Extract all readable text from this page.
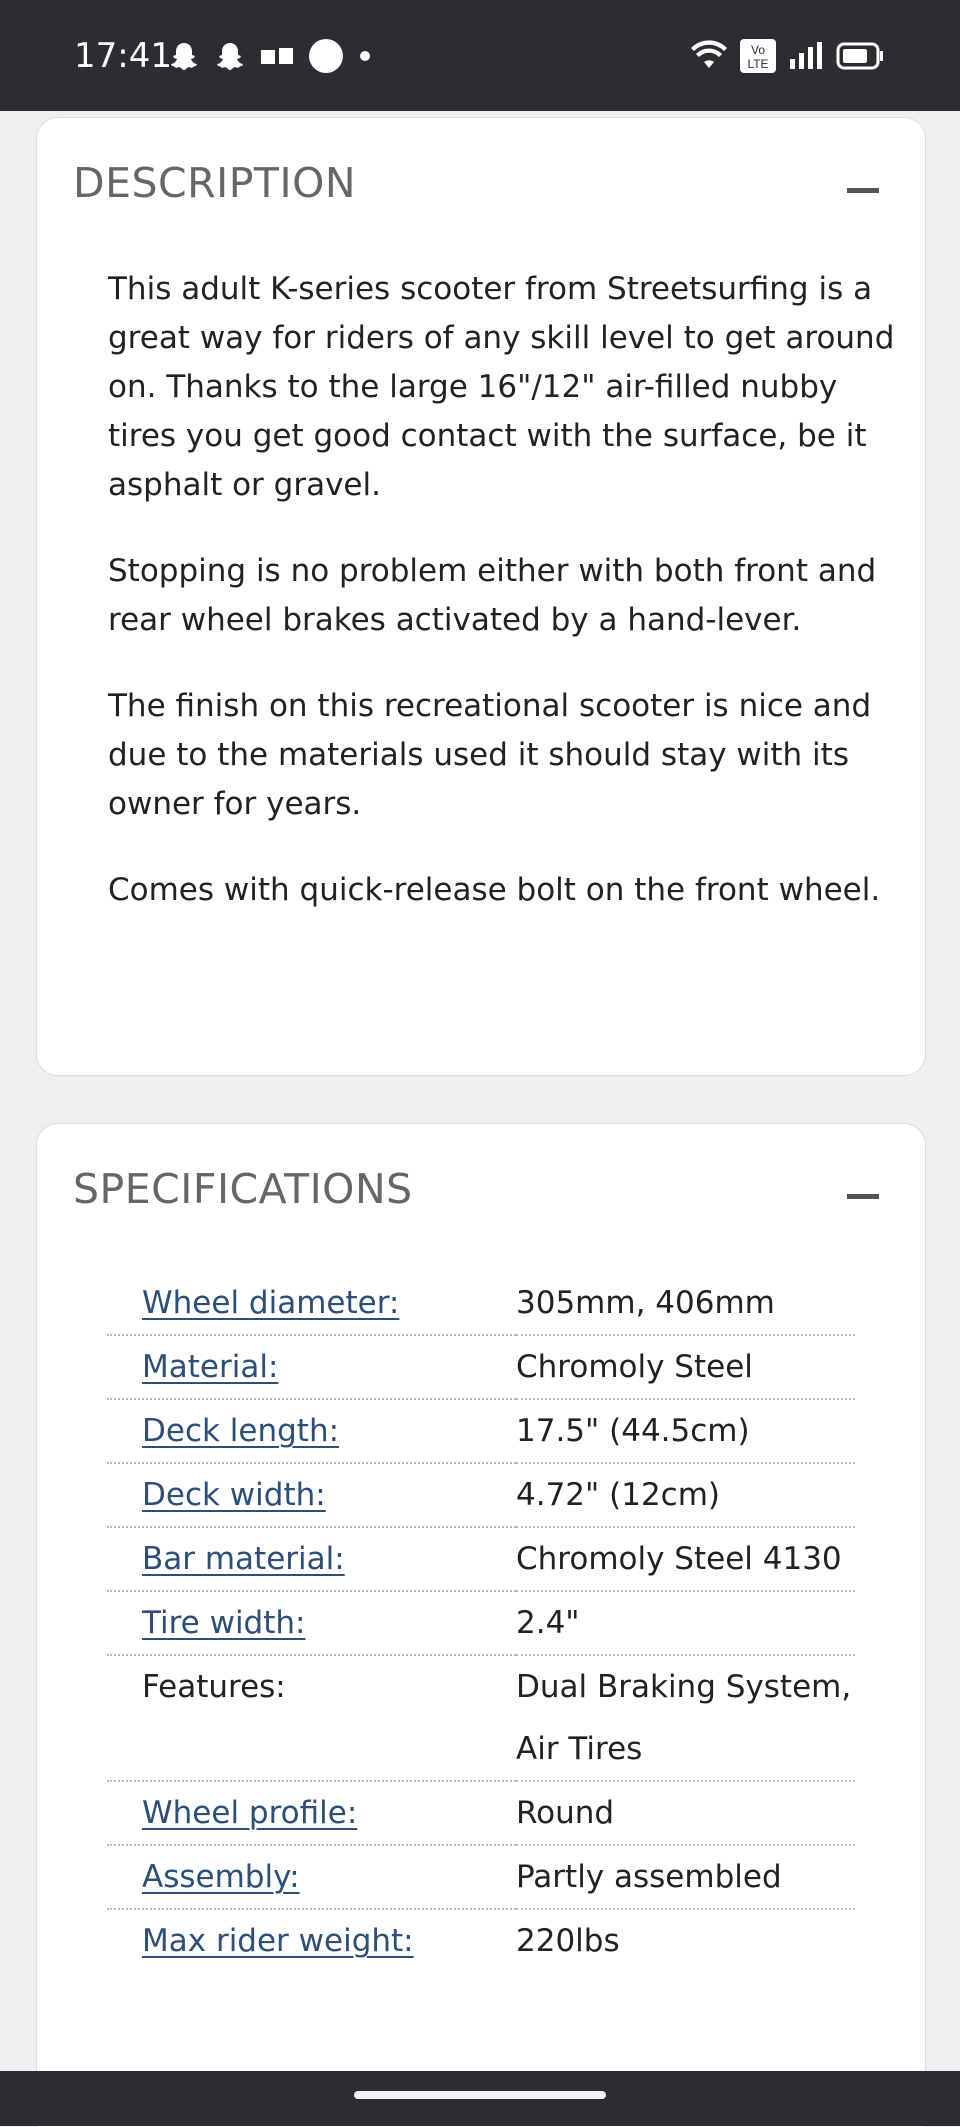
17:41	Vo
LTE
DESCRIPTION

This adult K-series scooter from Streetsurfing is a great way for riders of any skill level to get around on. Thanks to the large 16"/12" air-filled nubby tires you get good contact with the surface, be it asphalt or gravel.

Stopping is no problem either with both front and rear wheel brakes activated by a hand-lever.

The finish on this recreational scooter is nice and due to the materials used it should stay with its owner for years.

Comes with quick-release bolt on the front wheel.

SPECIFICATIONS
Wheel diameter:	305mm, 406mm
Material:	Chromoly Steel
Deck length:	17.5" (44.5cm)
Deck width:	4.72" (12cm)
Bar material:	Chromoly Steel 4130
Tire width:	2.4"
Features:	Dual Braking System, Air Tires
Wheel profile:	Round
Assembly:	Partly assembled
Max rider weight:	220lbs
